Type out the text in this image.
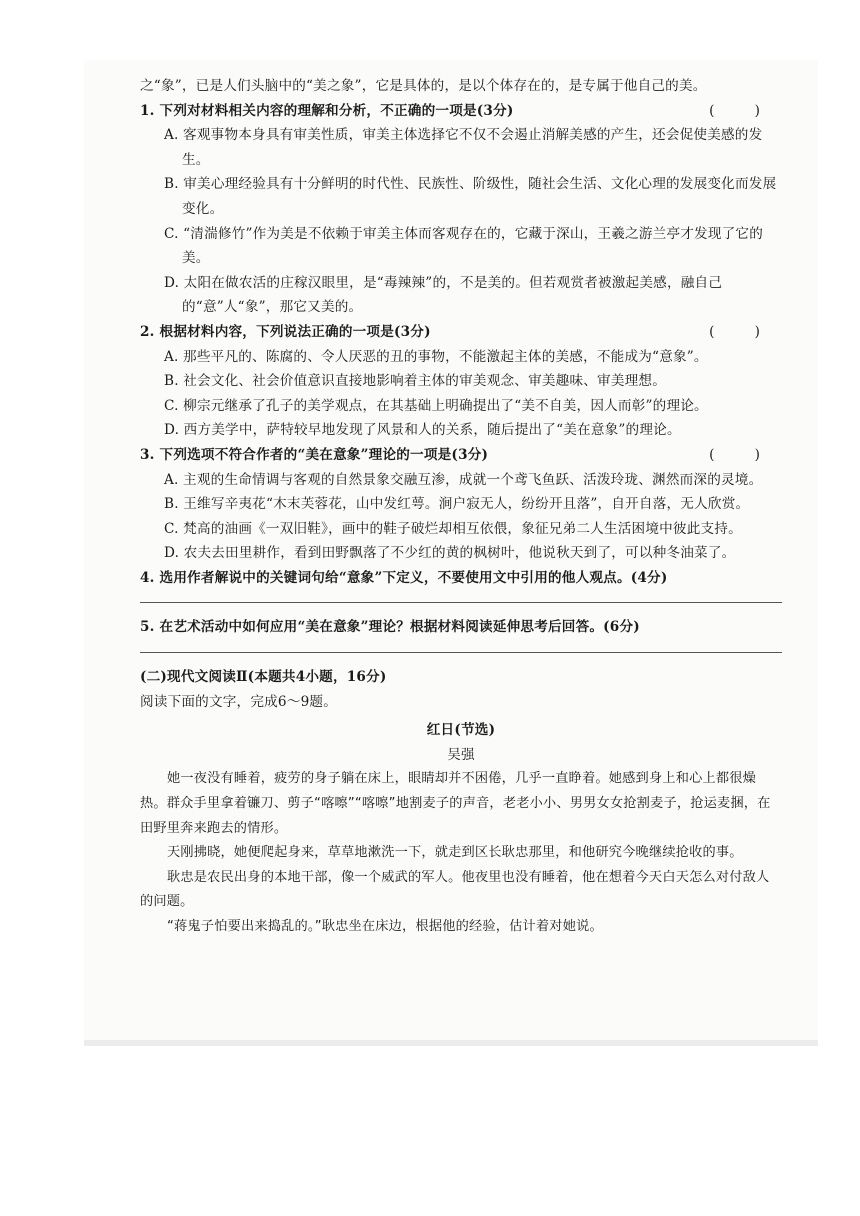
之“象”，已是人们头脑中的“美之象”，它是具体的，是以个体存在的，是专属于他自己的美。

1. 下列对材料相关内容的理解和分析，不正确的一项是(3分)	( )

A. 客观事物本身具有审美性质，审美主体选择它不仅不会遏止消解美感的产生，还会促使美感的发生。

B. 审美心理经验具有十分鲜明的时代性、民族性、阶级性，随社会生活、文化心理的发展变化而发展变化。

C. “清湍修竹”作为美是不依赖于审美主体而客观存在的，它藏于深山，王羲之游兰亭才发现了它的美。

D. 太阳在做农活的庄稼汉眼里，是“毒辣辣”的，不是美的。但若观赏者被激起美感，融自己的“意”人“象”，那它又美的。

2. 根据材料内容，下列说法正确的一项是(3分)	( )

A. 那些平凡的、陈腐的、令人厌恶的丑的事物，不能激起主体的美感，不能成为“意象”。

B. 社会文化、社会价值意识直接地影响着主体的审美观念、审美趣味、审美理想。

C. 柳宗元继承了孔子的美学观点，在其基础上明确提出了“美不自美，因人而彰”的理论。

D. 西方美学中，萨特较早地发现了风景和人的关系，随后提出了“美在意象”的理论。

3. 下列选项不符合作者的“美在意象”理论的一项是(3分)	( )

A. 主观的生命情调与客观的自然景象交融互渗，成就一个鸢飞鱼跃、活泼玲珑、渊然而深的灵境。

B. 王维写辛夷花“木末芙蓉花，山中发红萼。涧户寂无人，纷纷开且落”，自开自落，无人欣赏。

C. 梵高的油画《一双旧鞋》，画中的鞋子破烂却相互依偎，象征兄弟二人生活困境中彼此支持。

D. 农夫去田里耕作，看到田野飘落了不少红的黄的枫树叶，他说秋天到了，可以种冬油菜了。

4. 选用作者解说中的关键词句给“意象”下定义，不要使用文中引用的他人观点。(4分)

5. 在艺术活动中如何应用“美在意象”理论？根据材料阅读延伸思考后回答。(6分)

(二)现代文阅读Ⅱ(本题共4小题，16分)

阅读下面的文字，完成6～9题。

红日(节选)

吴强

她一夜没有睡着，疲劳的身子躺在床上，眼睛却并不困倦，几乎一直睁着。她感到身上和心上都很燥热。群众手里拿着镰刀、剪子“喀嚓”“喀嚓”地割麦子的声音，老老小小、男男女女抢割麦子，抢运麦捆，在田野里奔来跑去的情形。

天刚拂晓，她便爬起身来，草草地漱洗一下，就走到区长耿忠那里，和他研究今晚继续抢收的事。

耿忠是农民出身的本地干部，像一个威武的军人。他夜里也没有睡着，他在想着今天白天怎么对付敌人的问题。

“蒋鬼子怕要出来捣乱的。”耿忠坐在床边，根据他的经验，估计着对她说。
